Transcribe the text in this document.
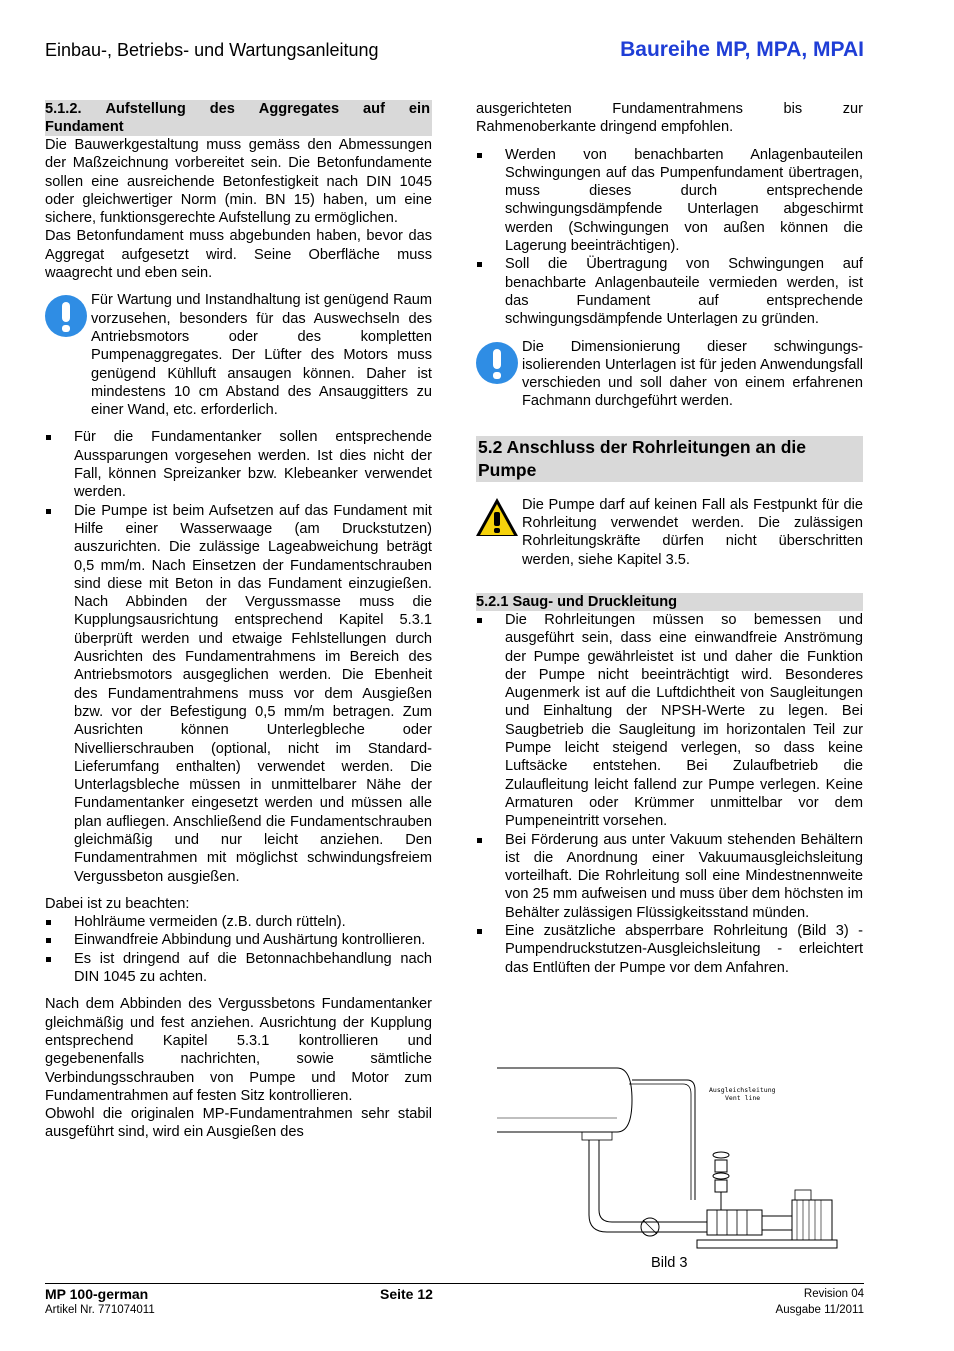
Einbau-, Betriebs- und Wartungsanleitung	Baureihe MP, MPA, MPAI

5.1.2.     Aufstellung     des     Aggregates     auf     ein Fundament

Die Bauwerkgestaltung muss gemäss den Abmessungen der Maßzeichnung vorbereitet sein. Die Betonfundamente sollen eine ausreichende Betonfestigkeit nach DIN 1045 oder gleichwertiger Norm (min. BN 15) haben, um eine sichere, funktionsgerechte Aufstellung zu ermöglichen.

Das Betonfundament muss abgebunden haben, bevor das Aggregat aufgesetzt wird. Seine Oberfläche muss waagrecht und eben sein.

Für Wartung und Instandhaltung ist genügend Raum vorzusehen, besonders für das Auswechseln des Antriebsmotors oder des kompletten Pumpenaggregates. Der Lüfter des Motors muss genügend Kühlluft ansaugen können. Daher ist mindestens 10 cm Abstand des Ansauggitters zu einer Wand, etc. erforderlich.
Für die Fundamentanker sollen entsprechende Aussparungen vorgesehen werden. Ist dies nicht der Fall, können Spreizanker bzw. Klebeanker verwendet werden.
Die Pumpe ist beim Aufsetzen auf das Fundament mit Hilfe einer Wasserwaage (am Druckstutzen) auszurichten. Die zulässige Lageabweichung beträgt 0,5 mm/m. Nach Einsetzen der Fundamentschrauben sind diese mit Beton in das Fundament einzugießen. Nach Abbinden der Vergussmasse muss die Kupplungsausrichtung entsprechend Kapitel 5.3.1 überprüft werden und etwaige Fehlstellungen durch Ausrichten des Fundamentrahmens im Bereich des Antriebsmotors ausgeglichen werden. Die Ebenheit des Fundamentrahmens muss vor dem Ausgießen bzw. vor der Befestigung 0,5 mm/m betragen. Zum Ausrichten können Unterlegbleche oder Nivellierschrauben (optional, nicht im Standard-Lieferumfang enthalten) verwendet werden. Die Unterlagsbleche müssen in unmittelbarer Nähe der Fundamentanker eingesetzt werden und müssen alle plan aufliegen. Anschließend die Fundamentschrauben gleichmäßig und nur leicht anziehen. Den Fundamentrahmen mit möglichst schwindungsfreiem Vergussbeton ausgießen.

Dabei ist zu beachten:

Hohlräume vermeiden (z.B. durch rütteln).
Einwandfreie Abbindung und Aushärtung kontrollieren.
Es ist dringend auf die Betonnachbehandlung nach DIN 1045 zu achten.

Nach dem Abbinden des Vergussbetons Fundamentanker gleichmäßig und fest anziehen. Ausrichtung der Kupplung entsprechend Kapitel 5.3.1 kontrollieren und gegebenenfalls nachrichten, sowie sämtliche Verbindungsschrauben von Pumpe und Motor zum Fundamentrahmen auf festen Sitz kontrollieren.

Obwohl die originalen MP-Fundamentrahmen sehr stabil ausgeführt sind, wird ein Ausgießen des

ausgerichteten Fundamentrahmens bis zur Rahmenoberkante dringend empfohlen.

Werden von benachbarten Anlagenbauteilen Schwingungen auf das Pumpenfundament übertragen, muss dieses durch entsprechende schwingungsdämpfende Unterlagen abgeschirmt werden (Schwingungen von außen können die Lagerung beeinträchtigen).
Soll die Übertragung von Schwingungen auf benachbarte Anlagenbauteile vermieden werden, ist das Fundament auf entsprechende schwingungsdämpfende Unterlagen zu gründen.
Die Dimensionierung dieser schwingungs-isolierenden Unterlagen ist für jeden Anwendungsfall verschieden und soll daher von einem erfahrenen Fachmann durchgeführt werden.

5.2 Anschluss der Rohrleitungen an die Pumpe

Die Pumpe darf auf keinen Fall als Festpunkt für die Rohrleitung verwendet werden. Die zulässigen Rohrleitungskräfte dürfen nicht überschritten werden, siehe Kapitel 3.5.

5.2.1 Saug- und Druckleitung

Die Rohrleitungen müssen so bemessen und ausgeführt sein, dass eine einwandfreie Anströmung der Pumpe gewährleistet ist und daher die Funktion der Pumpe nicht beeinträchtigt wird. Besonderes Augenmerk ist auf die Luftdichtheit von Saugleitungen und Einhaltung der NPSH-Werte zu legen. Bei Saugbetrieb die Saugleitung im horizontalen Teil zur Pumpe leicht steigend verlegen, so dass keine Luftsäcke entstehen. Bei Zulaufbetrieb die Zulaufleitung leicht fallend zur Pumpe verlegen. Keine Armaturen oder Krümmer unmittelbar vor dem Pumpeneintritt vorsehen.
Bei Förderung aus unter Vakuum stehenden Behältern ist die Anordnung einer Vakuumausgleichsleitung vorteilhaft. Die Rohrleitung soll eine Mindestnennweite von 25 mm aufweisen und muss über dem höchsten im Behälter zulässigen Flüssigkeitsstand münden.
Eine zusätzliche absperrbare Rohrleitung (Bild 3) - Pumpendruckstutzen-Ausgleichsleitung - erleichtert das Entlüften der Pumpe vor dem Anfahren.
Ausgleichsleitung
Vent line
Bild 3
MP 100-german
Artikel Nr. 771074011
Seite 12	Revision 04
Ausgabe 11/2011
